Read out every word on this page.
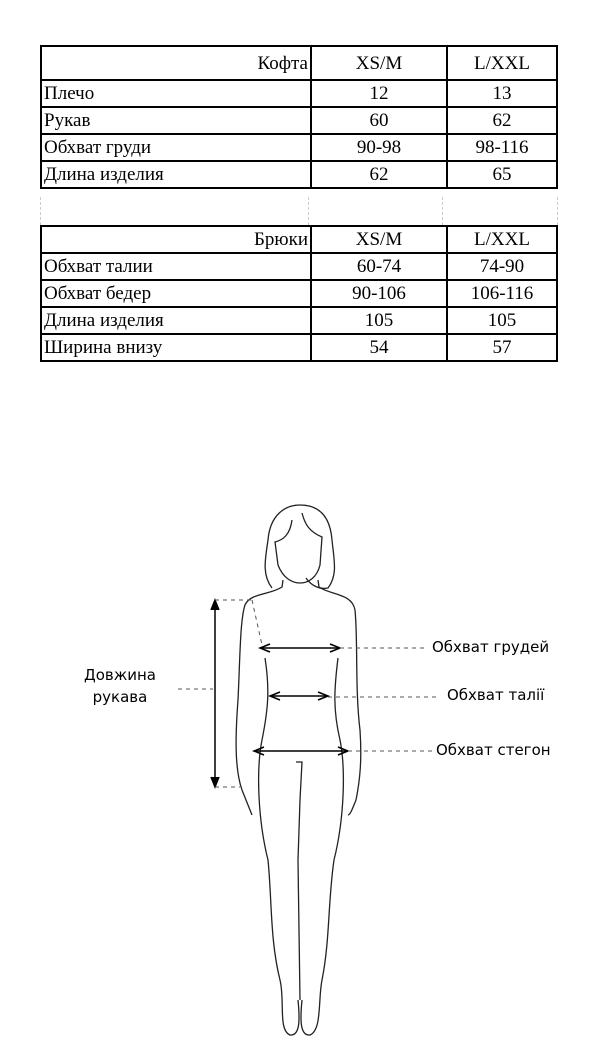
Кофта	XS/M	L/XXL
Плечо	12	13
Рукав	60	62
Обхват груди	90-98	98-116
Длина изделия	62	65
Брюки	XS/M	L/XXL
Обхват талии	60-74	74-90
Обхват бедер	90-106	106-116
Длина изделия	105	105
Ширина внизу	54	57
Довжина
рукава
Обхват грудей
Обхват талії
Обхват стегон
